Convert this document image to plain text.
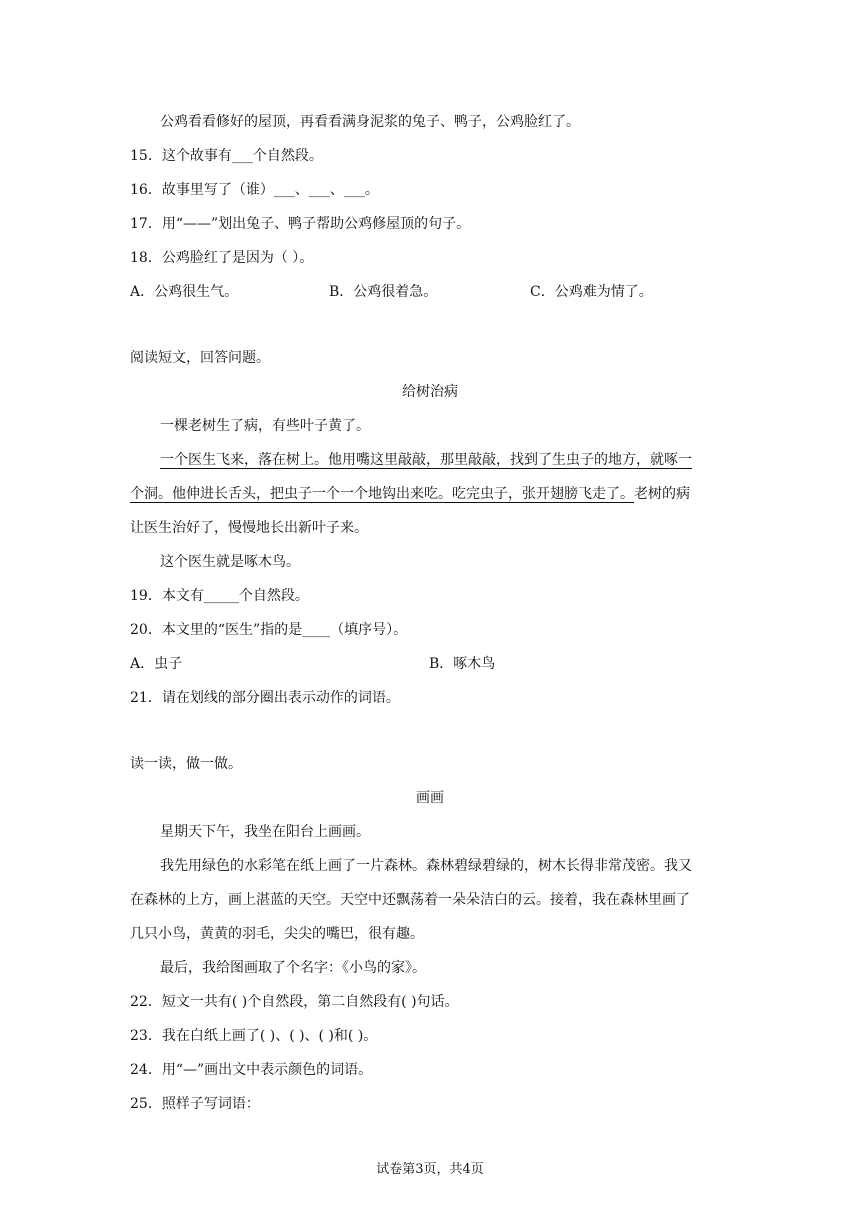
公鸡看看修好的屋顶，再看看满身泥浆的兔子、鸭子，公鸡脸红了。
15．这个故事有___个自然段。
16．故事里写了（谁）___、___、___。
17．用“——”划出兔子、鸭子帮助公鸡修屋顶的句子。
18．公鸡脸红了是因为（ ）。
A．公鸡很生气。	B．公鸡很着急。	C．公鸡难为情了。
阅读短文，回答问题。
给树治病
一棵老树生了病，有些叶子黄了。
一个医生飞来，落在树上。他用嘴这里敲敲，那里敲敲，找到了生虫子的地方，就啄一
个洞。他伸进长舌头，把虫子一个一个地钩出来吃。吃完虫子，张开翅膀飞走了。老树的病
让医生治好了，慢慢地长出新叶子来。
这个医生就是啄木鸟。
19．本文有_____个自然段。
20．本文里的“医生”指的是____（填序号）。
A．虫子	B．啄木鸟
21．请在划线的部分圈出表示动作的词语。
读一读，做一做。
画画
星期天下午，我坐在阳台上画画。
我先用绿色的水彩笔在纸上画了一片森林。森林碧绿碧绿的，树木长得非常茂密。我又
在森林的上方，画上湛蓝的天空。天空中还飘荡着一朵朵洁白的云。接着，我在森林里画了
几只小鸟，黄黄的羽毛，尖尖的嘴巴，很有趣。
最后，我给图画取了个名字：《小鸟的家》。
22．短文一共有( )个自然段，第二自然段有( )句话。
23．我在白纸上画了( )、( )、( )和( )。
24．用“—”画出文中表示颜色的词语。
25．照样子写词语：
试卷第3页，共4页
